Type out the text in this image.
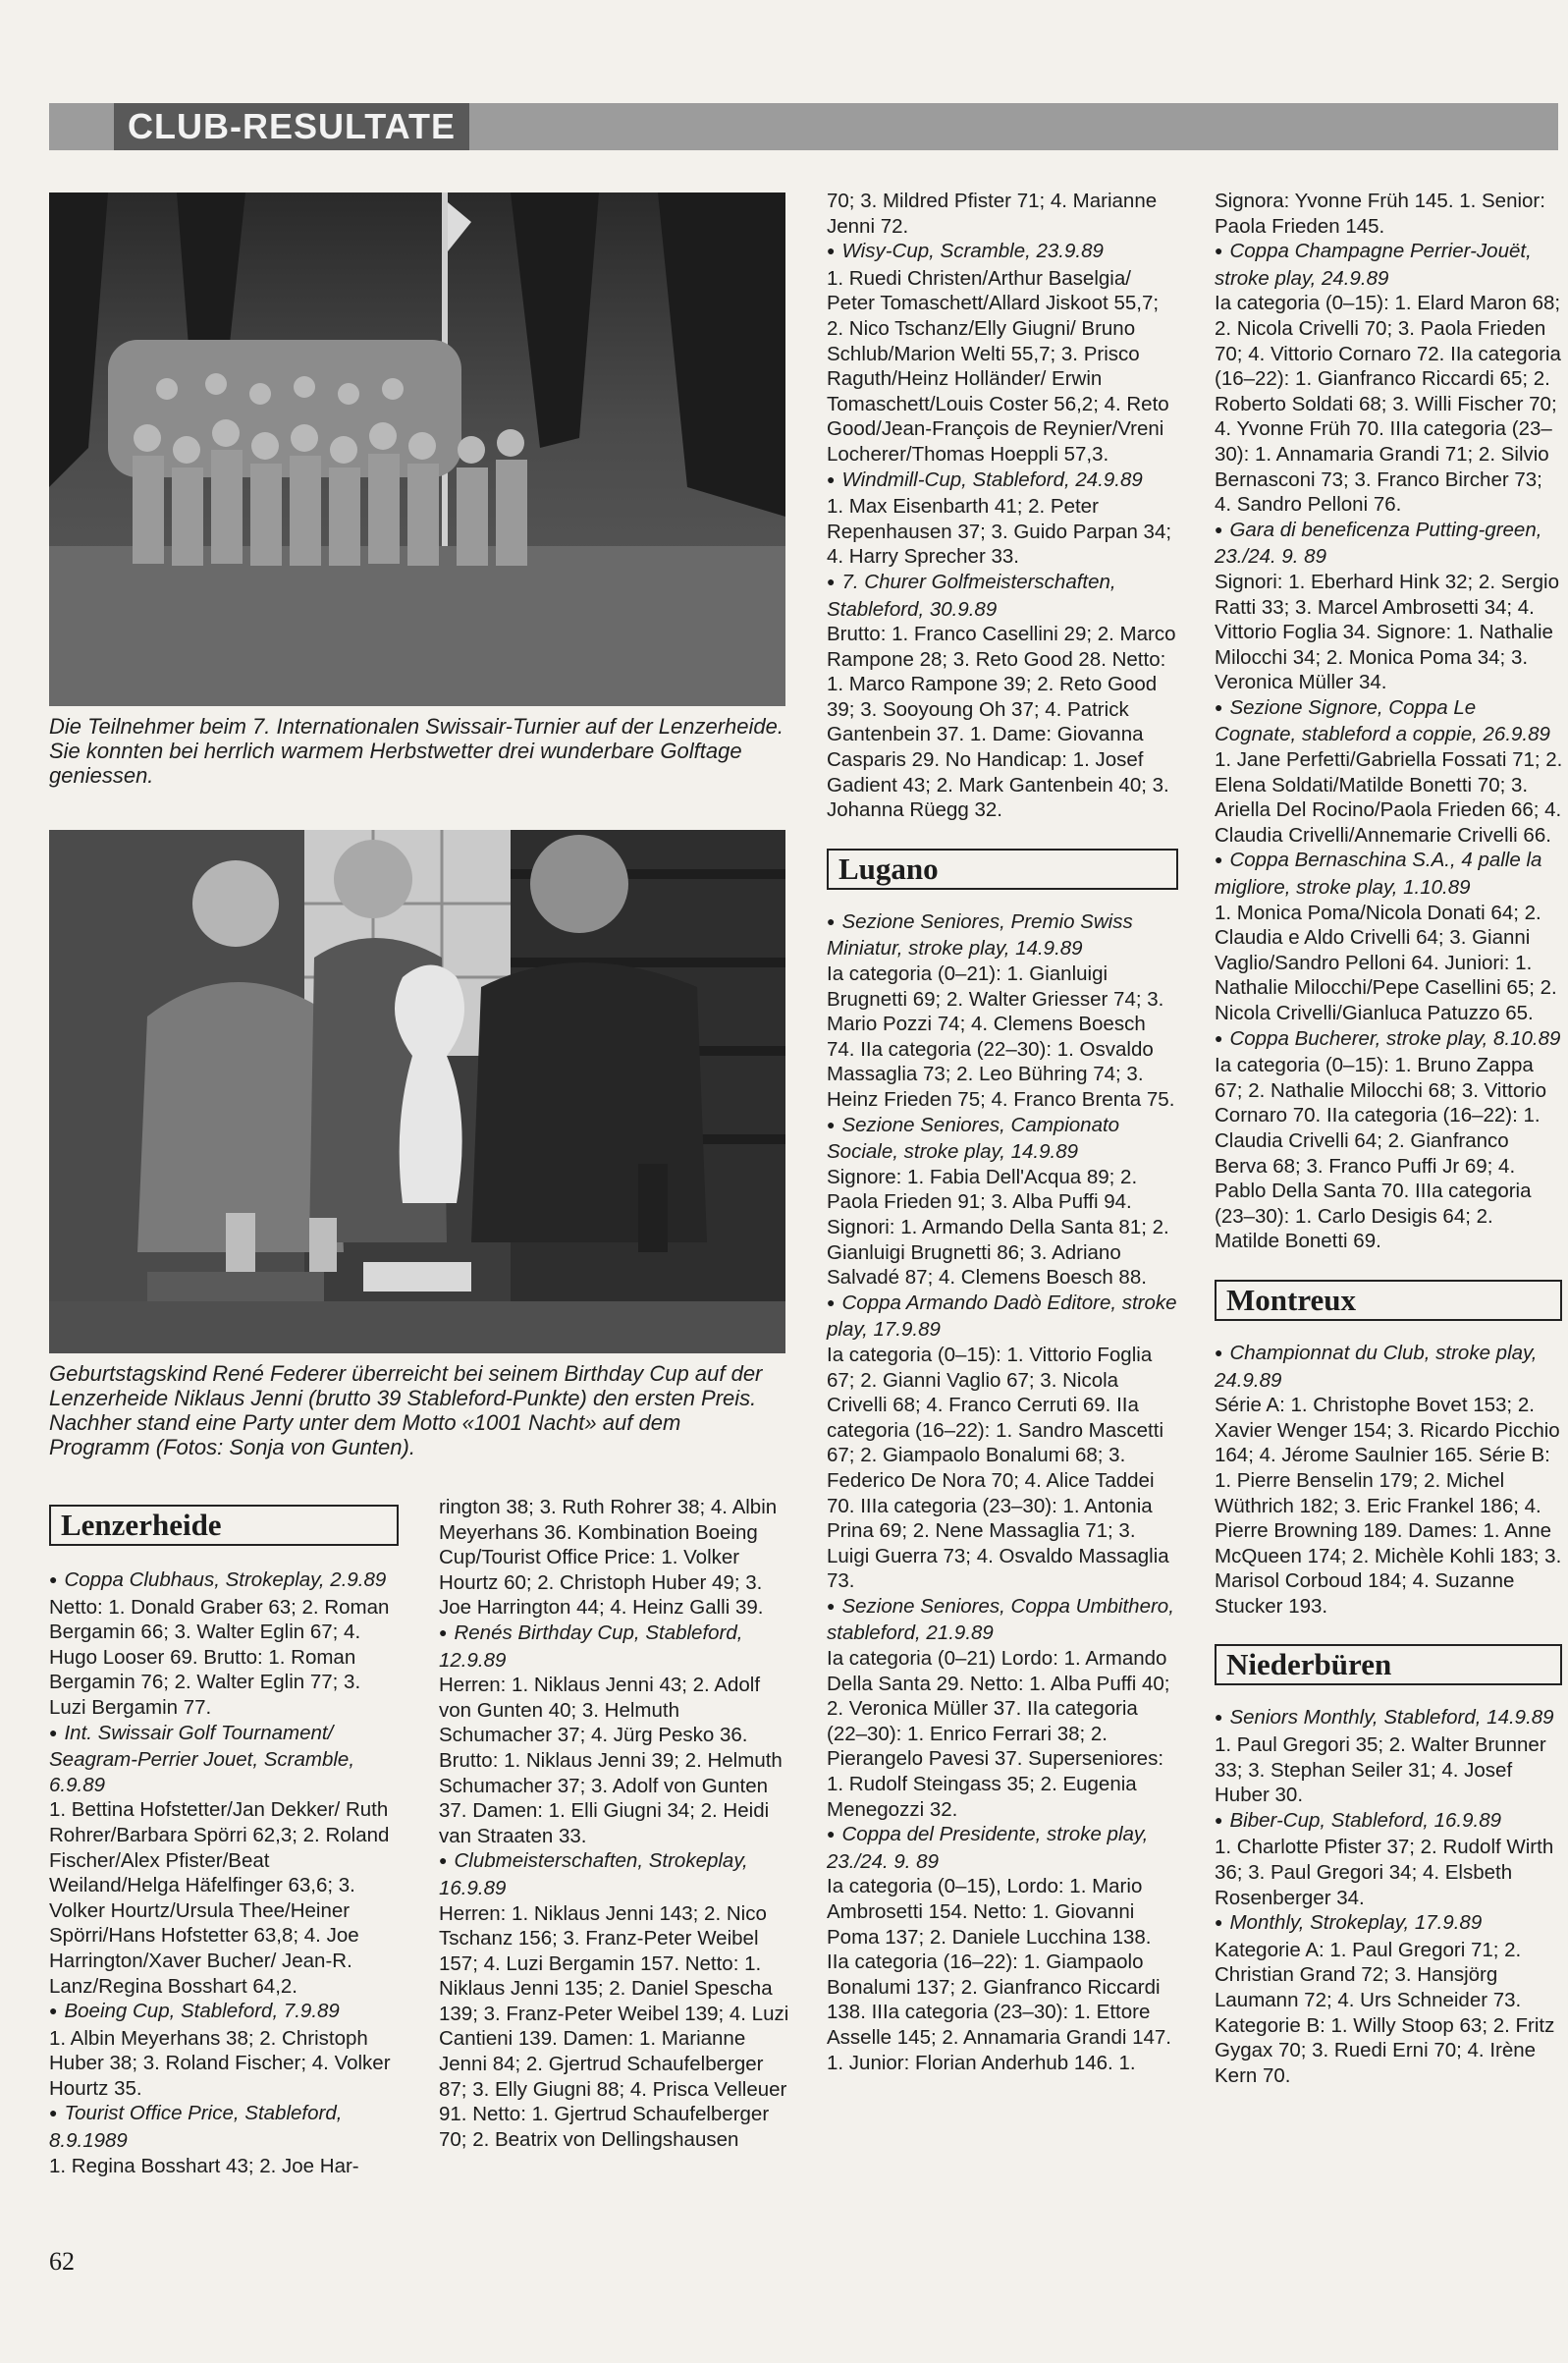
CLUB-RESULTATE
Die Teilnehmer beim 7. Internationalen Swissair-Turnier auf der Lenzerheide. Sie konnten bei herrlich warmem Herbstwetter drei wunderbare Golftage geniessen.
Geburtstagskind René Federer überreicht bei seinem Birthday Cup auf der Lenzerheide Niklaus Jenni (brutto 39 Stableford-Punkte) den ersten Preis. Nachher stand eine Party unter dem Motto «1001 Nacht» auf dem Programm (Fotos: Sonja von Gunten).
Lenzerheide

● Coppa Clubhaus, Strokeplay, 2.9.89

Netto: 1. Donald Graber 63; 2. Roman Bergamin 66; 3. Walter Eglin 67; 4. Hugo Looser 69. Brutto: 1. Roman Bergamin 76; 2. Walter Eglin 77; 3. Luzi Bergamin 77.

● Int. Swissair Golf Tournament/ Seagram-Perrier Jouet, Scramble, 6.9.89

1. Bettina Hofstetter/Jan Dekker/ Ruth Rohrer/Barbara Spörri 62,3; 2. Roland Fischer/Alex Pfister/Beat Weiland/Helga Häfelfinger 63,6; 3. Volker Hourtz/Ursula Thee/Heiner Spörri/Hans Hofstetter 63,8; 4. Joe Harrington/Xaver Bucher/ Jean-R. Lanz/Regina Bosshart 64,2.

● Boeing Cup, Stableford, 7.9.89

1. Albin Meyerhans 38; 2. Christoph Huber 38; 3. Roland Fischer; 4. Volker Hourtz 35.

● Tourist Office Price, Stableford, 8.9.1989

1. Regina Bosshart 43; 2. Joe Har-

rington 38; 3. Ruth Rohrer 38; 4. Albin Meyerhans 36. Kombination Boeing Cup/Tourist Office Price: 1. Volker Hourtz 60; 2. Christoph Huber 49; 3. Joe Harrington 44; 4. Heinz Galli 39.

● Renés Birthday Cup, Stableford, 12.9.89

Herren: 1. Niklaus Jenni 43; 2. Adolf von Gunten 40; 3. Helmuth Schumacher 37; 4. Jürg Pesko 36. Brutto: 1. Niklaus Jenni 39; 2. Helmuth Schumacher 37; 3. Adolf von Gunten 37. Damen: 1. Elli Giugni 34; 2. Heidi van Straaten 33.

● Clubmeisterschaften, Strokeplay, 16.9.89

Herren: 1. Niklaus Jenni 143; 2. Nico Tschanz 156; 3. Franz-Peter Weibel 157; 4. Luzi Bergamin 157. Netto: 1. Niklaus Jenni 135; 2. Daniel Spescha 139; 3. Franz-Peter Weibel 139; 4. Luzi Cantieni 139. Damen: 1. Marianne Jenni 84; 2. Gjertrud Schaufelberger 87; 3. Elly Giugni 88; 4. Prisca Velleuer 91. Netto: 1. Gjertrud Schaufelberger 70; 2. Beatrix von Dellingshausen

70; 3. Mildred Pfister 71; 4. Marianne Jenni 72.

● Wisy-Cup, Scramble, 23.9.89

1. Ruedi Christen/Arthur Baselgia/ Peter Tomaschett/Allard Jiskoot 55,7; 2. Nico Tschanz/Elly Giugni/ Bruno Schlub/Marion Welti 55,7; 3. Prisco Raguth/Heinz Holländer/ Erwin Tomaschett/Louis Coster 56,2; 4. Reto Good/Jean-François de Reynier/Vreni Locherer/Thomas Hoeppli 57,3.

● Windmill-Cup, Stableford, 24.9.89

1. Max Eisenbarth 41; 2. Peter Repenhausen 37; 3. Guido Parpan 34; 4. Harry Sprecher 33.

● 7. Churer Golfmeisterschaften, Stableford, 30.9.89

Brutto: 1. Franco Casellini 29; 2. Marco Rampone 28; 3. Reto Good 28. Netto: 1. Marco Rampone 39; 2. Reto Good 39; 3. Sooyoung Oh 37; 4. Patrick Gantenbein 37. 1. Dame: Giovanna Casparis 29. No Handicap: 1. Josef Gadient 43; 2. Mark Gantenbein 40; 3. Johanna Rüegg 32.

Lugano

● Sezione Seniores, Premio Swiss Miniatur, stroke play, 14.9.89

Ia categoria (0–21): 1. Gianluigi Brugnetti 69; 2. Walter Griesser 74; 3. Mario Pozzi 74; 4. Clemens Boesch 74. IIa categoria (22–30): 1. Osvaldo Massaglia 73; 2. Leo Bühring 74; 3. Heinz Frieden 75; 4. Franco Brenta 75.

● Sezione Seniores, Campionato Sociale, stroke play, 14.9.89

Signore: 1. Fabia Dell'Acqua 89; 2. Paola Frieden 91; 3. Alba Puffi 94. Signori: 1. Armando Della Santa 81; 2. Gianluigi Brugnetti 86; 3. Adriano Salvadé 87; 4. Clemens Boesch 88.

● Coppa Armando Dadò Editore, stroke play, 17.9.89

Ia categoria (0–15): 1. Vittorio Foglia 67; 2. Gianni Vaglio 67; 3. Nicola Crivelli 68; 4. Franco Cerruti 69. IIa categoria (16–22): 1. Sandro Mascetti 67; 2. Giampaolo Bonalumi 68; 3. Federico De Nora 70; 4. Alice Taddei 70. IIIa categoria (23–30): 1. Antonia Prina 69; 2. Nene Massaglia 71; 3. Luigi Guerra 73; 4. Osvaldo Massaglia 73.

● Sezione Seniores, Coppa Umbithero, stableford, 21.9.89

Ia categoria (0–21) Lordo: 1. Armando Della Santa 29. Netto: 1. Alba Puffi 40; 2. Veronica Müller 37. IIa categoria (22–30): 1. Enrico Ferrari 38; 2. Pierangelo Pavesi 37. Superseniores: 1. Rudolf Steingass 35; 2. Eugenia Menegozzi 32.

● Coppa del Presidente, stroke play, 23./24. 9. 89

Ia categoria (0–15), Lordo: 1. Mario Ambrosetti 154. Netto: 1. Giovanni Poma 137; 2. Daniele Lucchina 138. IIa categoria (16–22): 1. Giampaolo Bonalumi 137; 2. Gianfranco Riccardi 138. IIIa categoria (23–30): 1. Ettore Asselle 145; 2. Annamaria Grandi 147. 1. Junior: Florian Anderhub 146. 1.

Signora: Yvonne Früh 145. 1. Senior: Paola Frieden 145.

● Coppa Champagne Perrier-Jouët, stroke play, 24.9.89

Ia categoria (0–15): 1. Elard Maron 68; 2. Nicola Crivelli 70; 3. Paola Frieden 70; 4. Vittorio Cornaro 72. IIa categoria (16–22): 1. Gianfranco Riccardi 65; 2. Roberto Soldati 68; 3. Willi Fischer 70; 4. Yvonne Früh 70. IIIa categoria (23–30): 1. Annamaria Grandi 71; 2. Silvio Bernasconi 73; 3. Franco Bircher 73; 4. Sandro Pelloni 76.

● Gara di beneficenza Putting-green, 23./24. 9. 89

Signori: 1. Eberhard Hink 32; 2. Sergio Ratti 33; 3. Marcel Ambrosetti 34; 4. Vittorio Foglia 34. Signore: 1. Nathalie Milocchi 34; 2. Monica Poma 34; 3. Veronica Müller 34.

● Sezione Signore, Coppa Le Cognate, stableford a coppie, 26.9.89

1. Jane Perfetti/Gabriella Fossati 71; 2. Elena Soldati/Matilde Bonetti 70; 3. Ariella Del Rocino/Paola Frieden 66; 4. Claudia Crivelli/Annemarie Crivelli 66.

● Coppa Bernaschina S.A., 4 palle la migliore, stroke play, 1.10.89

1. Monica Poma/Nicola Donati 64; 2. Claudia e Aldo Crivelli 64; 3. Gianni Vaglio/Sandro Pelloni 64. Juniori: 1. Nathalie Milocchi/Pepe Casellini 65; 2. Nicola Crivelli/Gianluca Patuzzo 65.

● Coppa Bucherer, stroke play, 8.10.89

Ia categoria (0–15): 1. Bruno Zappa 67; 2. Nathalie Milocchi 68; 3. Vittorio Cornaro 70. IIa categoria (16–22): 1. Claudia Crivelli 64; 2. Gianfranco Berva 68; 3. Franco Puffi Jr 69; 4. Pablo Della Santa 70. IIIa categoria (23–30): 1. Carlo Desigis 64; 2. Matilde Bonetti 69.

Montreux

● Championnat du Club, stroke play, 24.9.89

Série A: 1. Christophe Bovet 153; 2. Xavier Wenger 154; 3. Ricardo Picchio 164; 4. Jérome Saulnier 165. Série B: 1. Pierre Benselin 179; 2. Michel Wüthrich 182; 3. Eric Frankel 186; 4. Pierre Browning 189. Dames: 1. Anne McQueen 174; 2. Michèle Kohli 183; 3. Marisol Corboud 184; 4. Suzanne Stucker 193.

Niederbüren

● Seniors Monthly, Stableford, 14.9.89

1. Paul Gregori 35; 2. Walter Brunner 33; 3. Stephan Seiler 31; 4. Josef Huber 30.

● Biber-Cup, Stableford, 16.9.89

1. Charlotte Pfister 37; 2. Rudolf Wirth 36; 3. Paul Gregori 34; 4. Elsbeth Rosenberger 34.

● Monthly, Strokeplay, 17.9.89

Kategorie A: 1. Paul Gregori 71; 2. Christian Grand 72; 3. Hansjörg Laumann 72; 4. Urs Schneider 73. Kategorie B: 1. Willy Stoop 63; 2. Fritz Gygax 70; 3. Ruedi Erni 70; 4. Irène Kern 70.

62
